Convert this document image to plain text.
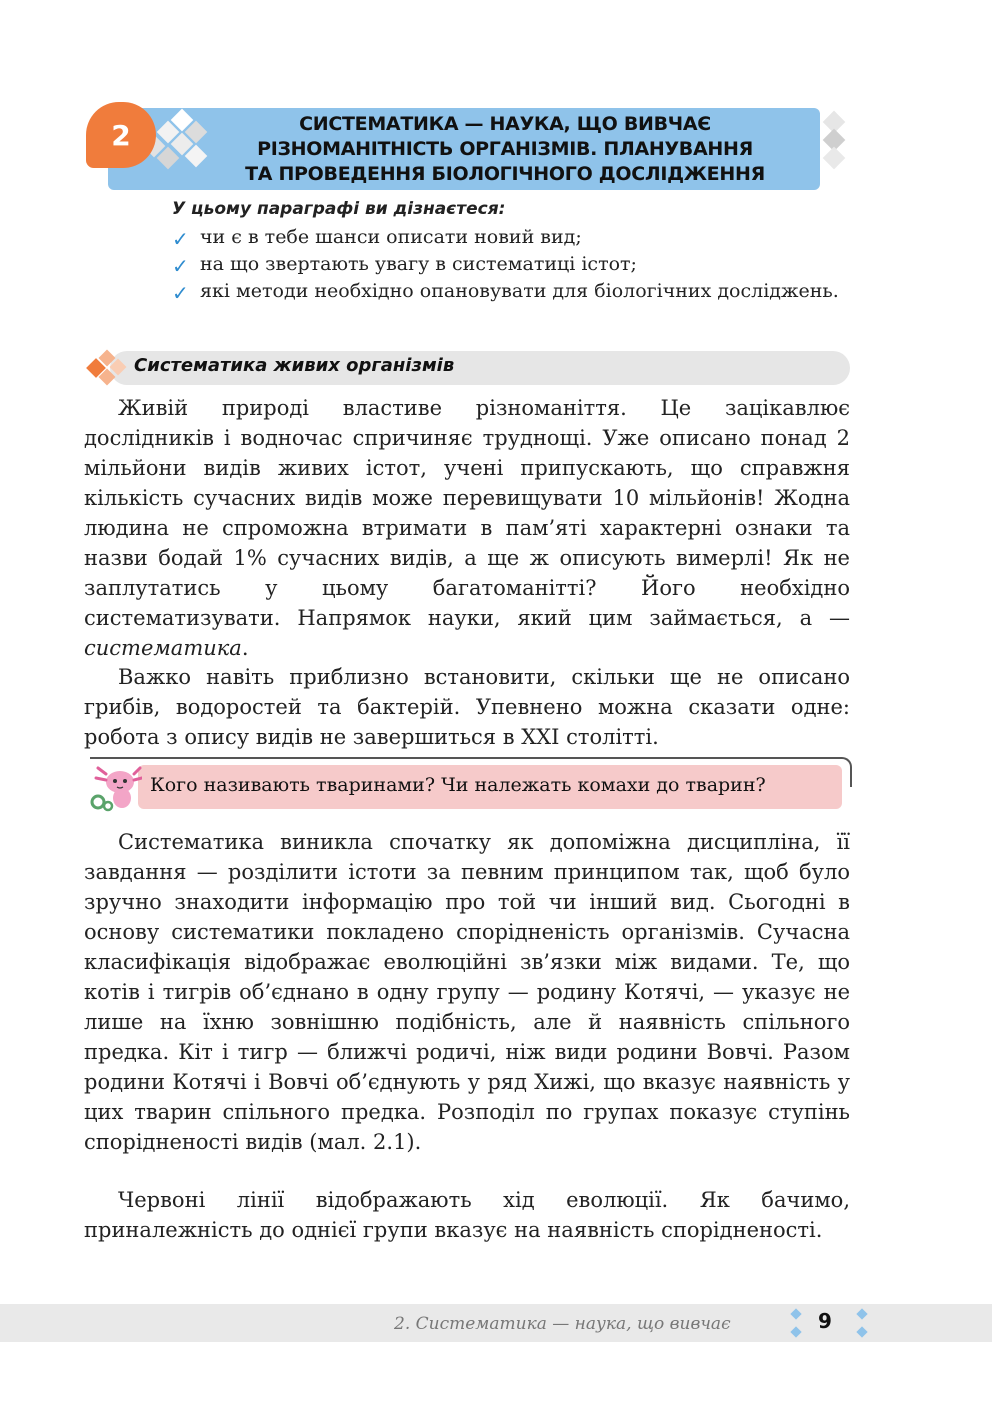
2	СИСТЕМАТИКА — НАУКА, ЩО ВИВЧАЄ
РІЗНОМАНІТНІСТЬ ОРГАНІЗМІВ. ПЛАНУВАННЯ
ТА ПРОВЕДЕННЯ БІОЛОГІЧНОГО ДОСЛІДЖЕННЯ
У цьому параграфі ви дізнаєтеся:
✓ чи є в тебе шанси описати новий вид;
✓ на що звертають увагу в систематиці істот;
✓ які методи необхідно опановувати для біологічних досліджень.
Систематика живих організмів

Живій природі властиве різноманіття. Це зацікавлює дослідників і водночас спричиняє труднощі. Уже описано понад 2 мільйони видів живих істот, учені припускають, що справжня кількість сучасних видів може перевищувати 10 мільйонів! Жодна людина не спроможна втримати в пам’яті характерні ознаки та назви бодай 1% сучасних видів, а ще ж описують вимерлі! Як не заплутатись у цьому багатоманітті? Його необхідно систематизувати. Напрямок науки, який цим займається, а — систематика.

Важко навіть приблизно встановити, скільки ще не описано грибів, водоростей та бактерій. Упевнено можна сказати одне: робота з опису видів не завершиться в XXI столітті.

Кого називають тваринами? Чи належать комахи до тварин?

Систематика виникла спочатку як допоміжна дисципліна, її завдання — розділити істоти за певним принципом так, щоб було зручно знаходити інформацію про той чи інший вид. Сьогодні в основу систематики покладено спорідненість організмів. Сучасна класифікація відображає еволюційні зв’язки між видами. Те, що котів і тигрів об’єднано в одну групу — родину Котячі, — указує не лише на їхню зовнішню подібність, але й наявність спільного предка. Кіт і тигр — ближчі родичі, ніж види родини Вовчі. Разом родини Котячі і Вовчі об’єднують у ряд Хижі, що вказує наявність у цих тварин спільного предка. Розподіл по групах показує ступінь спорідненості видів (мал. 2.1).

Червоні лінії відображають хід еволюції. Як бачимо, приналежність до однієї групи вказує на наявність спорідненості.

2. Систематика — наука, що вивчає	9
